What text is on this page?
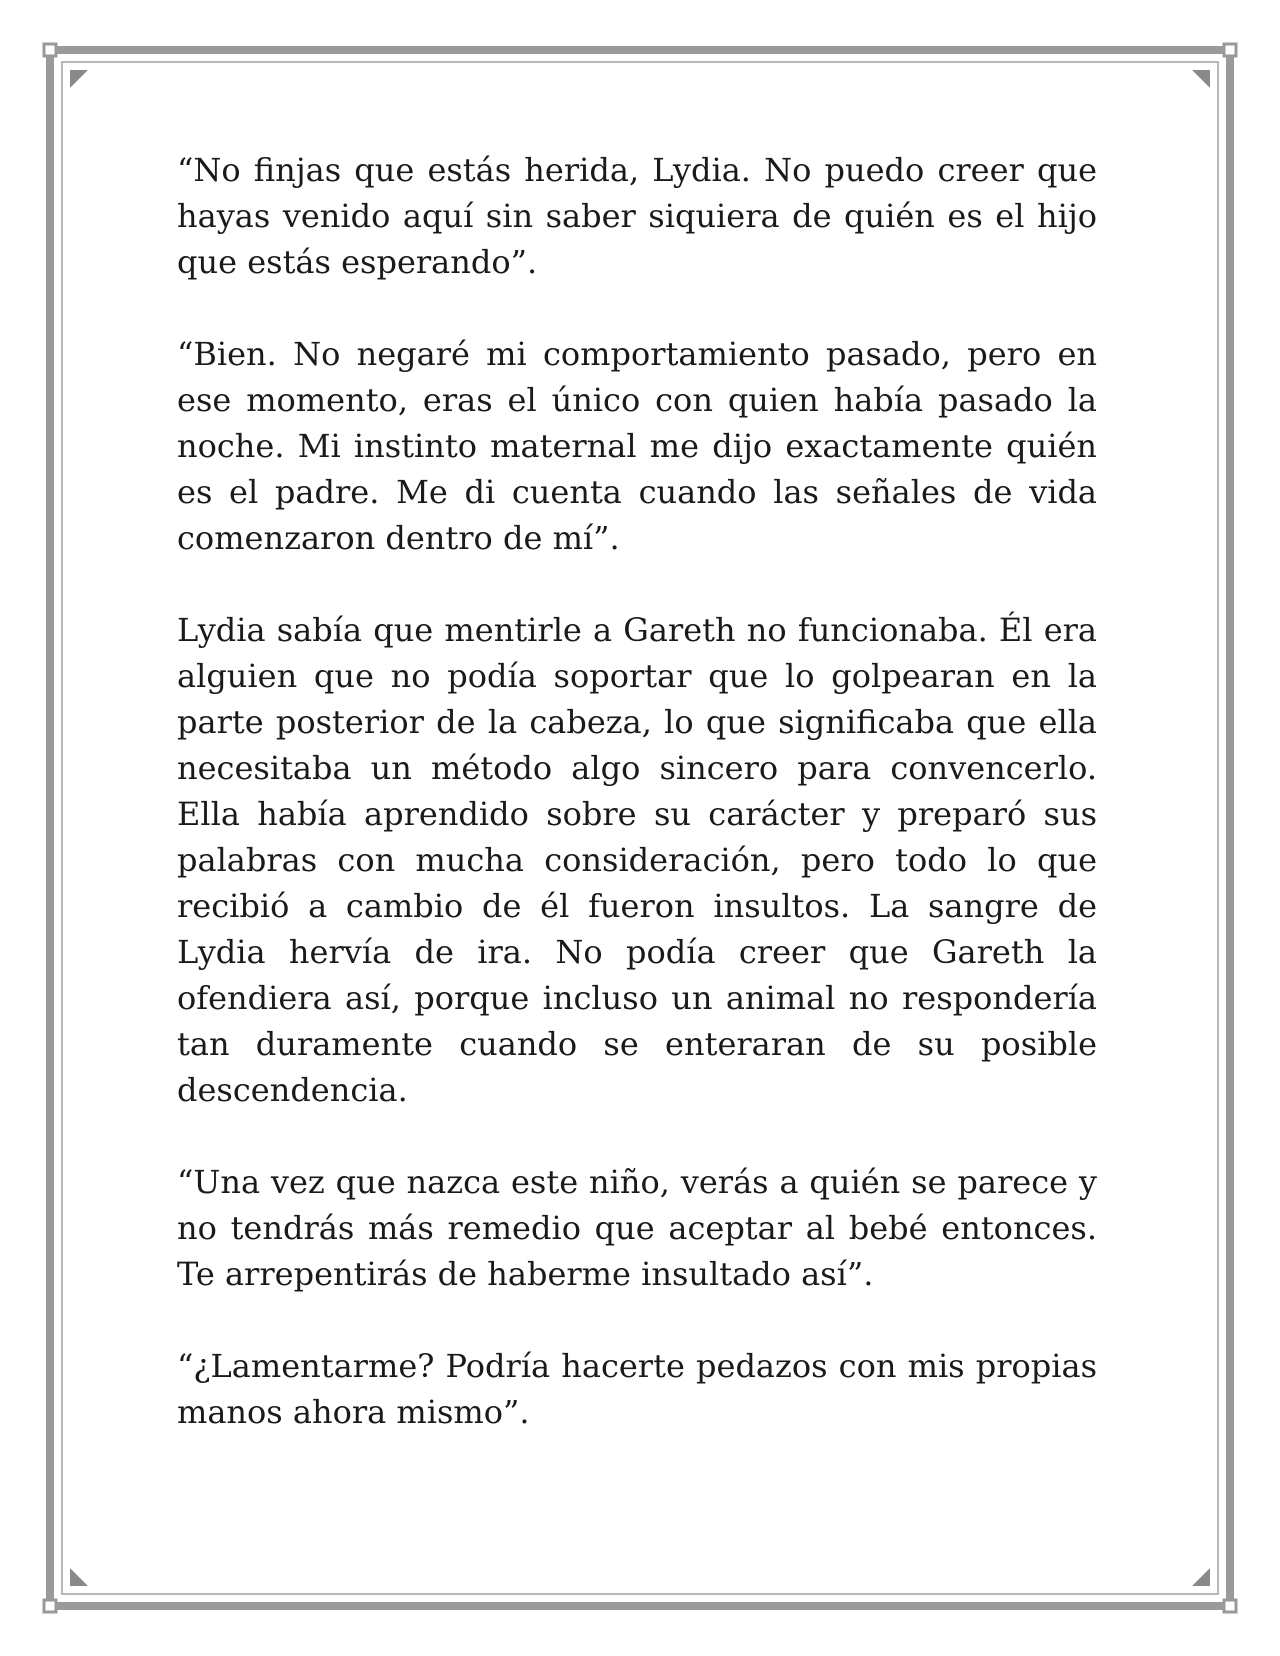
“No finjas que estás herida, Lydia. No puedo creer que hayas venido aquí sin saber siquiera de quién es el hijo que estás esperando”.

“Bien. No negaré mi comportamiento pasado, pero en ese momento, eras el único con quien había pasado la noche. Mi instinto maternal me dijo exactamente quién es el padre. Me di cuenta cuando las señales de vida comenzaron dentro de mí”.

Lydia sabía que mentirle a Gareth no funcionaba. Él era alguien que no podía soportar que lo golpearan en la parte posterior de la cabeza, lo que significaba que ella necesitaba un método algo sincero para convencerlo. Ella había aprendido sobre su carácter y preparó sus palabras con mucha consideración, pero todo lo que recibió a cambio de él fueron insultos. La sangre de Lydia hervía de ira. No podía creer que Gareth la ofendiera así, porque incluso un animal no respondería tan duramente cuando se enteraran de su posible descendencia.

“Una vez que nazca este niño, verás a quién se parece y no tendrás más remedio que aceptar al bebé entonces. Te arrepentirás de haberme insultado así”.

“¿Lamentarme? Podría hacerte pedazos con mis propias manos ahora mismo”.
